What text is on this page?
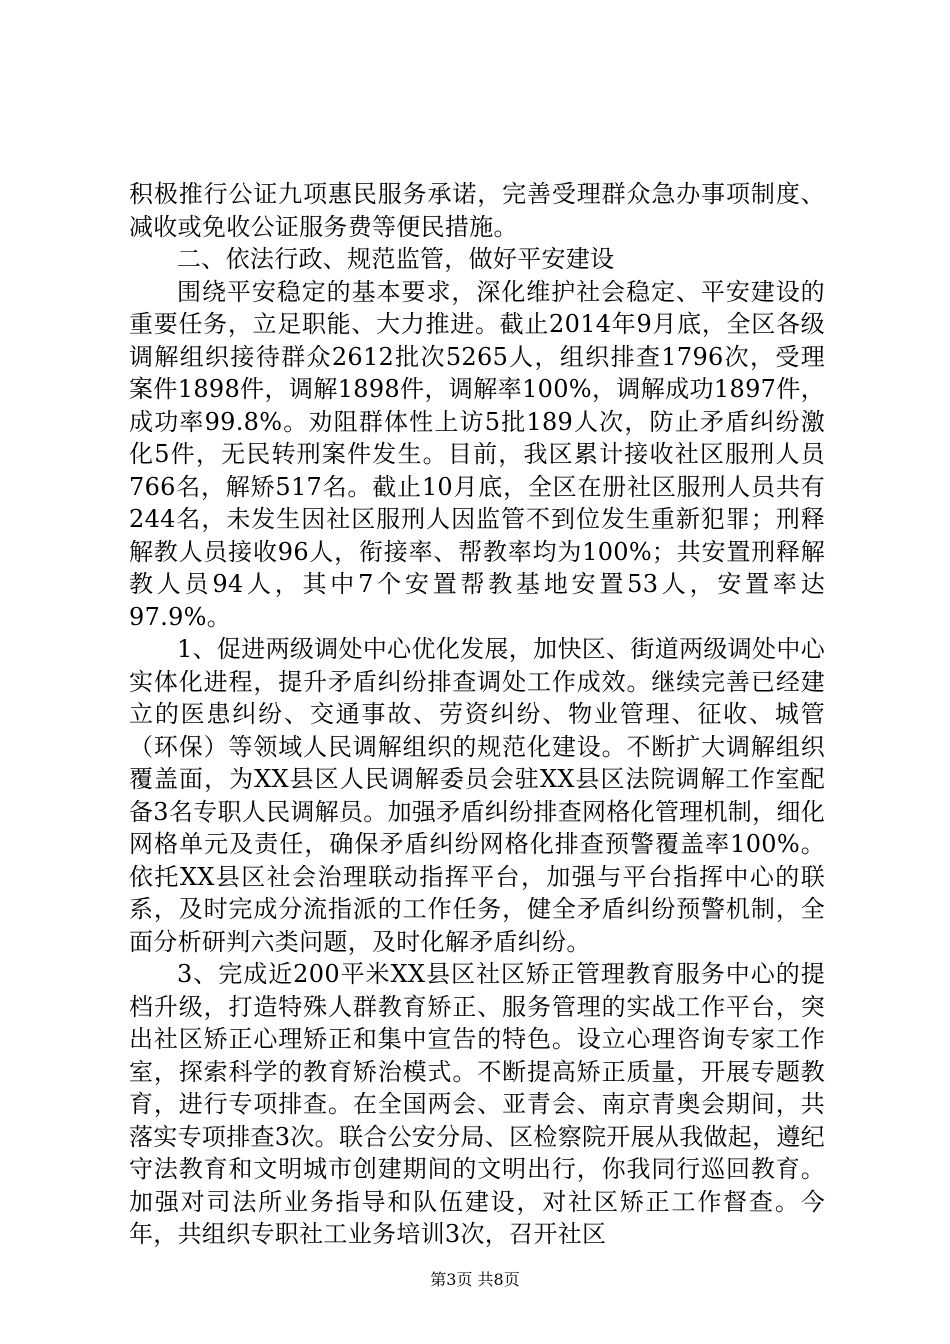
积极推行公证九项惠民服务承诺，完善受理群众急办事项制度、减收或免收公证服务费等便民措施。

二、依法行政、规范监管，做好平安建设

围绕平安稳定的基本要求，深化维护社会稳定、平安建设的重要任务，立足职能、大力推进。截止2014年9月底，全区各级调解组织接待群众2612批次5265人，组织排查1796次，受理案件1898件，调解1898件，调解率100%，调解成功1897件，成功率99.8%。劝阻群体性上访5批189人次，防止矛盾纠纷激化5件，无民转刑案件发生。目前，我区累计接收社区服刑人员766名，解矫517名。截止10月底，全区在册社区服刑人员共有244名，未发生因社区服刑人因监管不到位发生重新犯罪；刑释解教人员接收96人，衔接率、帮教率均为100%；共安置刑释解教人员94人，其中7个安置帮教基地安置53人，安置率达97.9%。

1、促进两级调处中心优化发展，加快区、街道两级调处中心实体化进程，提升矛盾纠纷排查调处工作成效。继续完善已经建立的医患纠纷、交通事故、劳资纠纷、物业管理、征收、城管（环保）等领域人民调解组织的规范化建设。不断扩大调解组织覆盖面，为XX县区人民调解委员会驻XX县区法院调解工作室配备3名专职人民调解员。加强矛盾纠纷排查网格化管理机制，细化网格单元及责任，确保矛盾纠纷网格化排查预警覆盖率100%。依托XX县区社会治理联动指挥平台，加强与平台指挥中心的联系，及时完成分流指派的工作任务，健全矛盾纠纷预警机制，全面分析研判六类问题，及时化解矛盾纠纷。

3、完成近200平米XX县区社区矫正管理教育服务中心的提档升级，打造特殊人群教育矫正、服务管理的实战工作平台，突出社区矫正心理矫正和集中宣告的特色。设立心理咨询专家工作室，探索科学的教育矫治模式。不断提高矫正质量，开展专题教育，进行专项排查。在全国两会、亚青会、南京青奥会期间，共落实专项排查3次。联合公安分局、区检察院开展从我做起，遵纪守法教育和文明城市创建期间的文明出行，你我同行巡回教育。加强对司法所业务指导和队伍建设，对社区矫正工作督查。今年，共组织专职社工业务培训3次，召开社区

第3页 共8页
